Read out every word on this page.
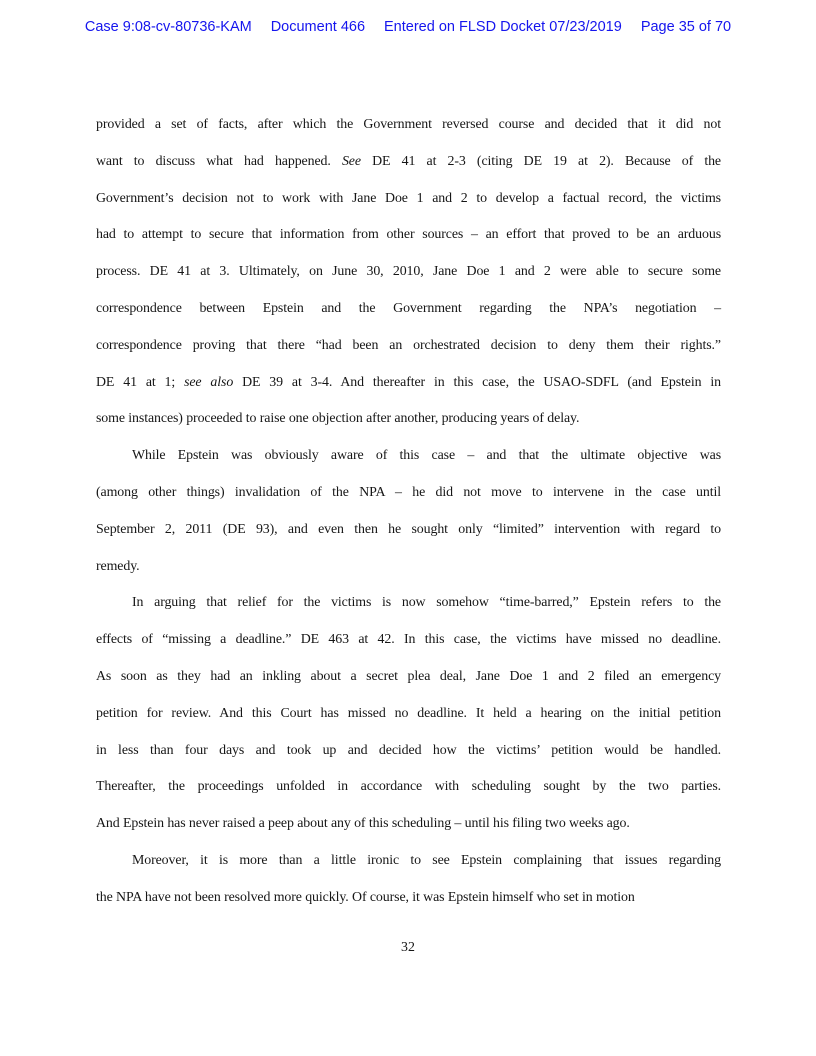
Case 9:08-cv-80736-KAM Document 466 Entered on FLSD Docket 07/23/2019 Page 35 of 70
provided a set of facts, after which the Government reversed course and decided that it did not
want to discuss what had happened. See DE 41 at 2-3 (citing DE 19 at 2). Because of the
Government’s decision not to work with Jane Doe 1 and 2 to develop a factual record, the victims
had to attempt to secure that information from other sources – an effort that proved to be an arduous
process. DE 41 at 3. Ultimately, on June 30, 2010, Jane Doe 1 and 2 were able to secure some
correspondence between Epstein and the Government regarding the NPA’s negotiation –
correspondence proving that there “had been an orchestrated decision to deny them their rights.”
DE 41 at 1; see also DE 39 at 3-4. And thereafter in this case, the USAO-SDFL (and Epstein in
some instances) proceeded to raise one objection after another, producing years of delay.
While Epstein was obviously aware of this case – and that the ultimate objective was
(among other things) invalidation of the NPA – he did not move to intervene in the case until
September 2, 2011 (DE 93), and even then he sought only “limited” intervention with regard to
remedy.
In arguing that relief for the victims is now somehow “time-barred,” Epstein refers to the
effects of “missing a deadline.” DE 463 at 42. In this case, the victims have missed no deadline.
As soon as they had an inkling about a secret plea deal, Jane Doe 1 and 2 filed an emergency
petition for review. And this Court has missed no deadline. It held a hearing on the initial petition
in less than four days and took up and decided how the victims’ petition would be handled.
Thereafter, the proceedings unfolded in accordance with scheduling sought by the two parties.
And Epstein has never raised a peep about any of this scheduling – until his filing two weeks ago.
Moreover, it is more than a little ironic to see Epstein complaining that issues regarding
the NPA have not been resolved more quickly. Of course, it was Epstein himself who set in motion
32
